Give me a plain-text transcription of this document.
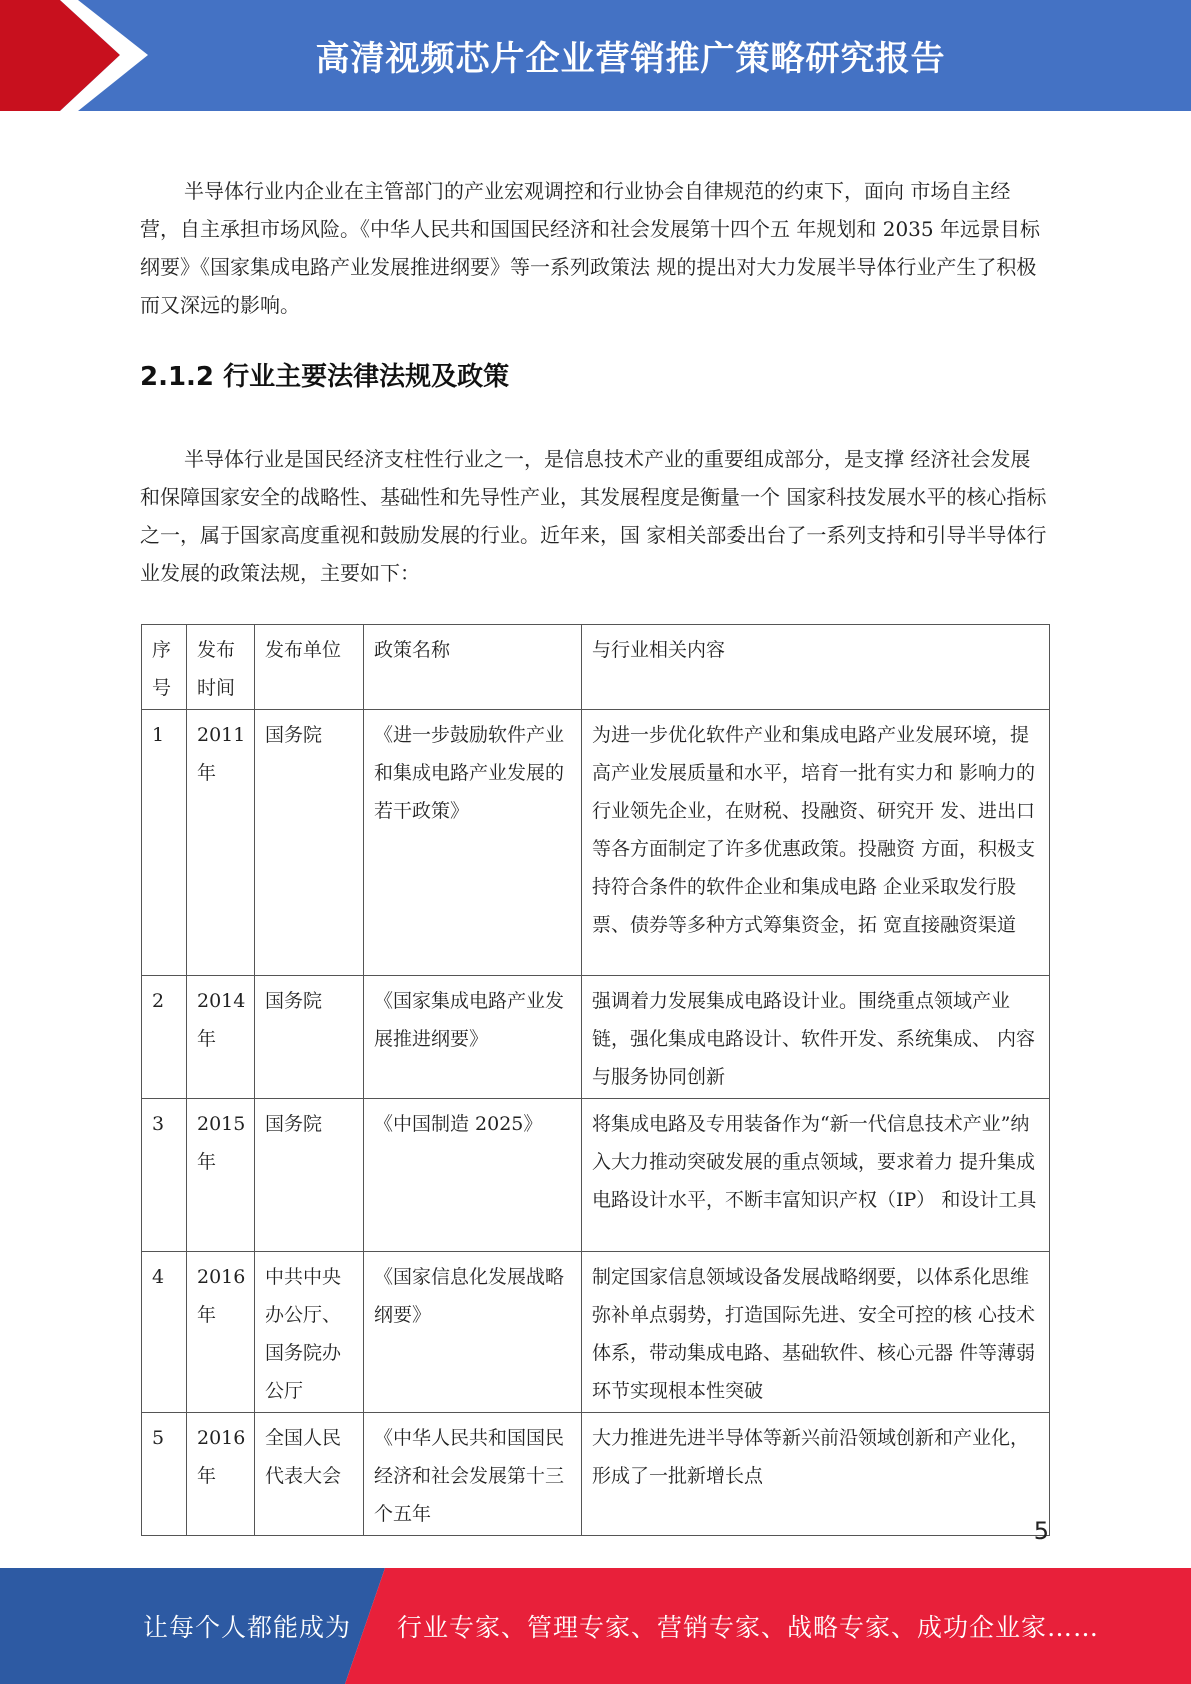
高清视频芯片企业营销推广策略研究报告

半导体行业内企业在主管部门的产业宏观调控和行业协会自律规范的约束下，面向 市场自主经营，自主承担市场风险。《中华人民共和国国民经济和社会发展第十四个五 年规划和 2035 年远景目标纲要》《国家集成电路产业发展推进纲要》等一系列政策法 规的提出对大力发展半导体行业产生了积极而又深远的影响。

2.1.2 行业主要法律法规及政策

半导体行业是国民经济支柱性行业之一，是信息技术产业的重要组成部分，是支撑 经济社会发展和保障国家安全的战略性、基础性和先导性产业，其发展程度是衡量一个 国家科技发展水平的核心指标之一，属于国家高度重视和鼓励发展的行业。近年来，国 家相关部委出台了一系列支持和引导半导体行业发展的政策法规，主要如下：

序号	发布时间	发布单位	政策名称	与行业相关内容
1	2011年	国务院	《进一步鼓励软件产业和集成电路产业发展的若干政策》	为进一步优化软件产业和集成电路产业发展环境，提高产业发展质量和水平，培育一批有实力和 影响力的行业领先企业，在财税、投融资、研究开 发、进出口等各方面制定了许多优惠政策。投融资 方面，积极支持符合条件的软件企业和集成电路 企业采取发行股票、债券等多种方式筹集资金，拓 宽直接融资渠道
2	2014年	国务院	《国家集成电路产业发展推进纲要》	强调着力发展集成电路设计业。围绕重点领域产业链，强化集成电路设计、软件开发、系统集成、 内容与服务协同创新
3	2015年	国务院	《中国制造 2025》	将集成电路及专用装备作为“新一代信息技术产业”纳入大力推动突破发展的重点领域，要求着力 提升集成电路设计水平，不断丰富知识产权（IP） 和设计工具
4	2016年	中共中央办公厅、国务院办公厅	《国家信息化发展战略纲要》	制定国家信息领域设备发展战略纲要，以体系化思维弥补单点弱势，打造国际先进、安全可控的核 心技术体系，带动集成电路、基础软件、核心元器 件等薄弱环节实现根本性突破
5	2016年	全国人民代表大会	《中华人民共和国国民经济和社会发展第十三个五年	大力推进先进半导体等新兴前沿领域创新和产业化，形成了一批新增长点
5
让每个人都能成为 行业专家、管理专家、营销专家、战略专家、成功企业家……
